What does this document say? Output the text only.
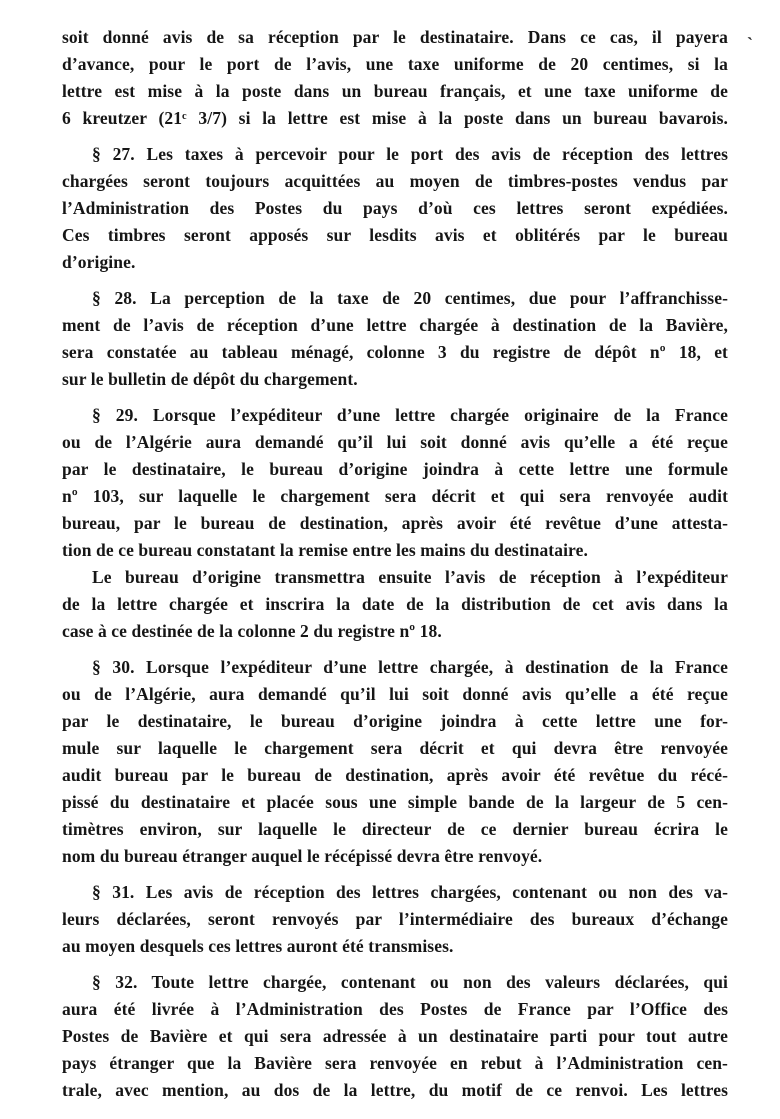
soit donné avis de sa réception par le destinataire. Dans ce cas, il payera
d’avance, pour le port de l’avis, une taxe uniforme de 20 centimes, si la
lettre est mise à la poste dans un bureau français, et une taxe uniforme de
6 kreutzer (21ᶜ 3/7) si la lettre est mise à la poste dans un bureau bavarois.

§ 27. Les taxes à percevoir pour le port des avis de réception des lettres
chargées seront toujours acquittées au moyen de timbres-postes vendus par
l’Administration des Postes du pays d’où ces lettres seront expédiées.
Ces timbres seront apposés sur lesdits avis et oblitérés par le bureau
d’origine.

§ 28. La perception de la taxe de 20 centimes, due pour l’affranchisse-
ment de l’avis de réception d’une lettre chargée à destination de la Bavière,
sera constatée au tableau ménagé, colonne 3 du registre de dépôt nº 18, et
sur le bulletin de dépôt du chargement.

§ 29. Lorsque l’expéditeur d’une lettre chargée originaire de la France
ou de l’Algérie aura demandé qu’il lui soit donné avis qu’elle a été reçue
par le destinataire, le bureau d’origine joindra à cette lettre une formule
nº 103, sur laquelle le chargement sera décrit et qui sera renvoyée audit
bureau, par le bureau de destination, après avoir été revêtue d’une attesta-
tion de ce bureau constatant la remise entre les mains du destinataire.

Le bureau d’origine transmettra ensuite l’avis de réception à l’expéditeur
de la lettre chargée et inscrira la date de la distribution de cet avis dans la
case à ce destinée de la colonne 2 du registre nº 18.

§ 30. Lorsque l’expéditeur d’une lettre chargée, à destination de la France
ou de l’Algérie, aura demandé qu’il lui soit donné avis qu’elle a été reçue
par le destinataire, le bureau d’origine joindra à cette lettre une for-
mule sur laquelle le chargement sera décrit et qui devra être renvoyée
audit bureau par le bureau de destination, après avoir été revêtue du récé-
pissé du destinataire et placée sous une simple bande de la largeur de 5 cen-
timètres environ, sur laquelle le directeur de ce dernier bureau écrira le
nom du bureau étranger auquel le récépissé devra être renvoyé.

§ 31. Les avis de réception des lettres chargées, contenant ou non des va-
leurs déclarées, seront renvoyés par l’intermédiaire des bureaux d’échange
au moyen desquels ces lettres auront été transmises.

§ 32. Toute lettre chargée, contenant ou non des valeurs déclarées, qui
aura été livrée à l’Administration des Postes de France par l’Office des
Postes de Bavière et qui sera adressée à un destinataire parti pour tout autre
pays étranger que la Bavière sera renvoyée en rebut à l’Administration cen-
trale, avec mention, au dos de la lettre, du motif de ce renvoi. Les lettres

`
